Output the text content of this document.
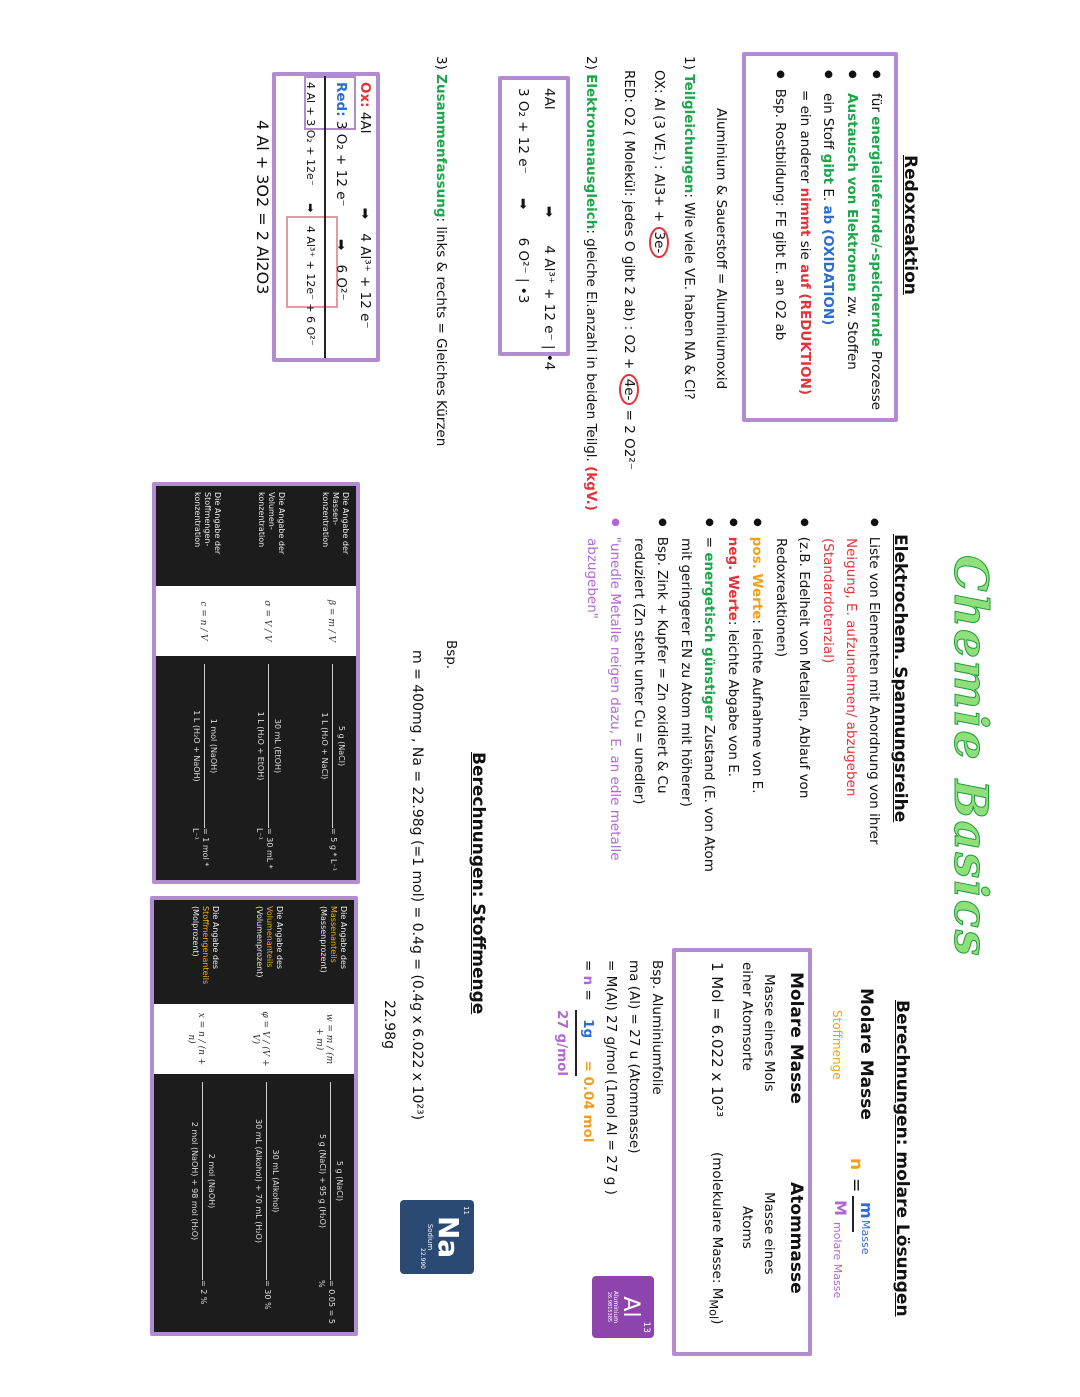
Redoxreaktion
● für energieliefernde/-speichernde Prozesse
● Austausch von Elektronen zw. Stoffen
● ein Stoff gibt E. ab (OXIDATION)
= ein anderer nimmt sie auf (REDUKTION)
● Bsp. Rostbildung: FE gibt E. an O2 ab
Aluminium & Sauerstoff = Aluminiumoxid
1) Teilgleichungen: Wie viele VE. haben NA & Cl?
OX: Al (3 VE.) : Al3+ + 3e-
RED: O2 ( Molekül: jedes O gibt 2 ab) : O2 + 4e- = 2 O2²⁻
2) Elektronenausgleich: gleiche El.anzahl in beiden Teilgl. (kgV.)
4Al ➡ 4 Al³⁺ + 12 e⁻ | •4
3 O₂ + 12 e⁻ ➡ 6 O²⁻ | •3
3) Zusammenfassung: links & rechts = Gleiches Kürzen
Ox: 4Al ➡ 4 Al³⁺ + 12 e⁻
Red: 3 O₂ + 12 e⁻ ➡ 6 O²⁻
4 Al + 3 O₂ + 12e⁻ ➡ 4 Al³⁺ + 12e⁻ + 6 O²⁻
4 Al + 3O2 = 2 Al2O3
Chemie Basics
Elektrochem. Spannungsreihe
● Liste von Elementen mit Anordnung von ihrer
Neigung, E. aufzunehmen/ abzugeben
(Standardotenzial)
● (z.B. Edelheit von Metallen, Ablauf von
Redoxreaktionen)
● pos. Werte: leichte Aufnahme von E.
● neg. Werte: leichte Abgabe von E.
● = energetisch günstiger Zustand (E. von Atom
mit geringerer EN zu Atom mit höherer)
● Bsp. Zink + Kupfer = Zn oxidiert & Cu
reduziert (Zn steht unter Cu = unedler)
● "unedle Metalle neigen dazu, E. an edle metalle
abzugeben"
Berechnungen: Stoffmenge
Bsp.
m = 400mg , Na = 22.98g (=1 mol) = 0.4g = (0.4g x 6.022 x 10²³)
22.98g	Berechnungen: molare Lösungen
Molare Masse
Stoffmenge
n
=
m
Masse
M
molare Masse
Molare Masse
Atommasse
Masse eines Mols
einer Atomsorte
Masse eines
Atoms
1 Mol = 6.022 x 10²³
(molekulare Masse: $M_{Mol}$)
Bsp. Aluminiumfolie
ma (Al) = 27 u (Atommasse)
= M(Al) 27 g/mol (1mol Al = 27 g )
= n = 1g = 0.04 mol
27 g/mol
13
Al
Aluminium
26.9815385
11
Na
Sodium
22.990
Die Angabe der
Massen-
konzentration
β = m / V
5 g (NaCl)
1 L (H₂O + NaCl)
= 5 g * L⁻¹
Die Angabe der
Volumen-
konzentration
σ = V / V
30 mL (EtOH)
1 L (H₂O + EtOH)
= 30 mL * L⁻¹
Die Angabe der
Stoffmengen-
konzentration
c = n / V
1 mol (NaOH)
1 L (H₂O + NaOH)
= 1 mol * L⁻¹
Die Angabe des
Massenanteils
(Massenprozent)
w = m / (m + m)
5 g (NaCl)
5 g (NaCl) + 95 g (H₂O)
= 0.05 = 5 %
Die Angabe des
Volumenanteils
(Volumenprozent)
φ = V / (V + V)
30 mL (Alkohol)
30 mL (Alkohol) + 70 mL (H₂O)
= 30 %
Die Angabe des
Stoffmengenanteils
(Molprozent)
x = n / (n + n)
2 mol (NaOH)
2 mol (NaOH) + 98 mol (H₂O)
= 2 %
